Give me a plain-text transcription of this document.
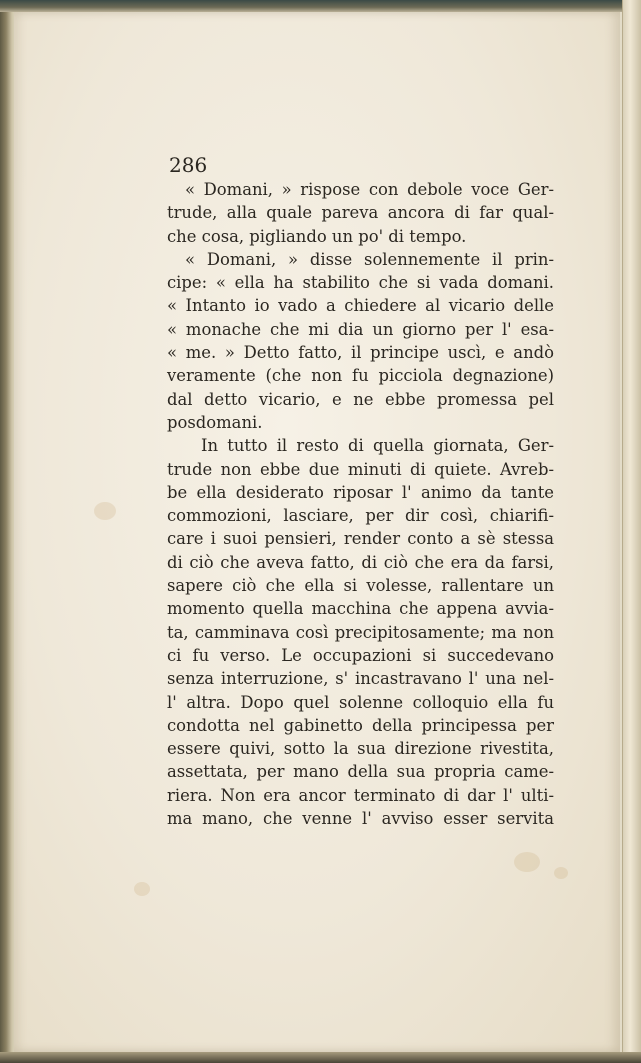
286
« Domani, » rispose con debole voce Ger-
trude, alla quale pareva ancora di far qual-
che cosa, pigliando un po' di tempo.
« Domani, » disse solennemente il prin-
cipe: « ella ha stabilito che si vada domani.
« Intanto io vado a chiedere al vicario delle
« monache che mi dia un giorno per l' esa-
« me. » Detto fatto, il principe uscì, e andò
veramente (che non fu picciola degnazione)
dal detto vicario, e ne ebbe promessa pel
posdomani.
In tutto il resto di quella giornata, Ger-
trude non ebbe due minuti di quiete. Avreb-
be ella desiderato riposar l' animo da tante
commozioni, lasciare, per dir così, chiarifi-
care i suoi pensieri, render conto a sè stessa
di ciò che aveva fatto, di ciò che era da farsi,
sapere ciò che ella si volesse, rallentare un
momento quella macchina che appena avvia-
ta, camminava così precipitosamente; ma non
ci fu verso. Le occupazioni si succedevano
senza interruzione, s' incastravano l' una nel-
l' altra. Dopo quel solenne colloquio ella fu
condotta nel gabinetto della principessa per
essere quivi, sotto la sua direzione rivestita,
assettata, per mano della sua propria came-
riera. Non era ancor terminato di dar l' ulti-
ma mano, che venne l' avviso esser servita
